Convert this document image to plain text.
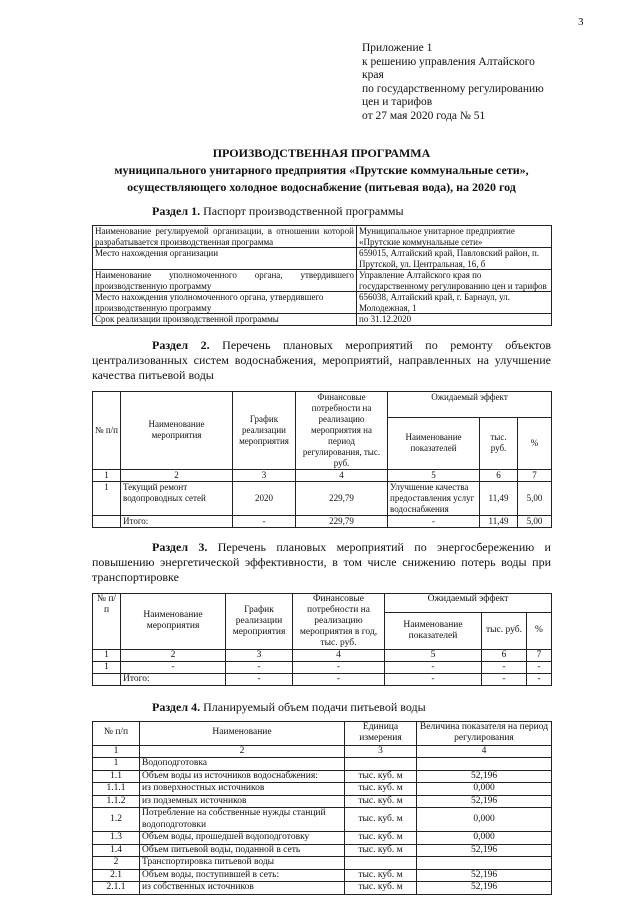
3
Приложение 1
к решению управления Алтайского края
по государственному регулированию
цен и тарифов
от 27 мая 2020 года № 51
ПРОИЗВОДСТВЕННАЯ ПРОГРАММА
муниципального унитарного предприятия «Прутские коммунальные сети»,
осуществляющего холодное водоснабжение (питьевая вода), на 2020 год
Раздел 1. Паспорт производственной программы
Наименование регулируемой организации, в отношении которой разрабатывается производственная программа	Муниципальное унитарное предприятие «Прутские коммунальные сети»
Место нахождения организации	659015, Алтайский край, Павловский район, п. Прутской, ул. Центральная, 16, б
Наименование уполномоченного органа, утвердившего производственную программу	Управление Алтайского края по государственному регулированию цен и тарифов
Место нахождения уполномоченного органа, утвердившего производственную программу	656038, Алтайский край, г. Барнаул, ул. Молодежная, 1
Срок реализации производственной программы	по 31.12.2020
Раздел 2. Перечень плановых мероприятий по ремонту объектов централизованных систем водоснабжения, мероприятий, направленных на улучшение качества питьевой воды
№ п/п	Наименование мероприятия	График реализации мероприятия	Финансовые потребности на реализацию мероприятия на период регулирования, тыс. руб.	Ожидаемый эффект		
				Наименование показателей	тыс. руб.	%
1	2	3	4	5	6	7
1	Текущий ремонт водопроводных сетей	2020	229,79	Улучшение качества предоставления услуг водоснабжения	11,49	5,00
	Итого:	-	229,79	-	11,49	5,00
Раздел 3. Перечень плановых мероприятий по энергосбережению и повышению энергетической эффективности, в том числе снижению потерь воды при транспортировке
№ п/п	Наименование мероприятия	График реализации мероприятия	Финансовые потребности на реализацию мероприятия в год, тыс. руб.	Ожидаемый эффект		
				Наименование показателей	тыс. руб.	%
1	2	3	4	5	6	7
1	-	-	-	-	-	-
	Итого:	-	-	-	-	-
Раздел 4. Планируемый объем подачи питьевой воды
№ п/п	Наименование	Единица измерения	Величина показателя на период регулирования
1	2	3	4
1	Водоподготовка		
1.1	Объем воды из источников водоснабжения:	тыс. куб. м	52,196
1.1.1	из поверхностных источников	тыс. куб. м	0,000
1.1.2	из подземных источников	тыс. куб. м	52,196
1.2	Потребление на собственные нужды станций водоподготовки	тыс. куб. м	0,000
1.3	Объем воды, прошедшей водоподготовку	тыс. куб. м	0,000
1.4	Объем питьевой воды, поданной в сеть	тыс. куб. м	52,196
2	Транспортировка питьевой воды		
2.1	Объем воды, поступившей в сеть:	тыс. куб. м	52,196
2.1.1	из собственных источников	тыс. куб. м	52,196
